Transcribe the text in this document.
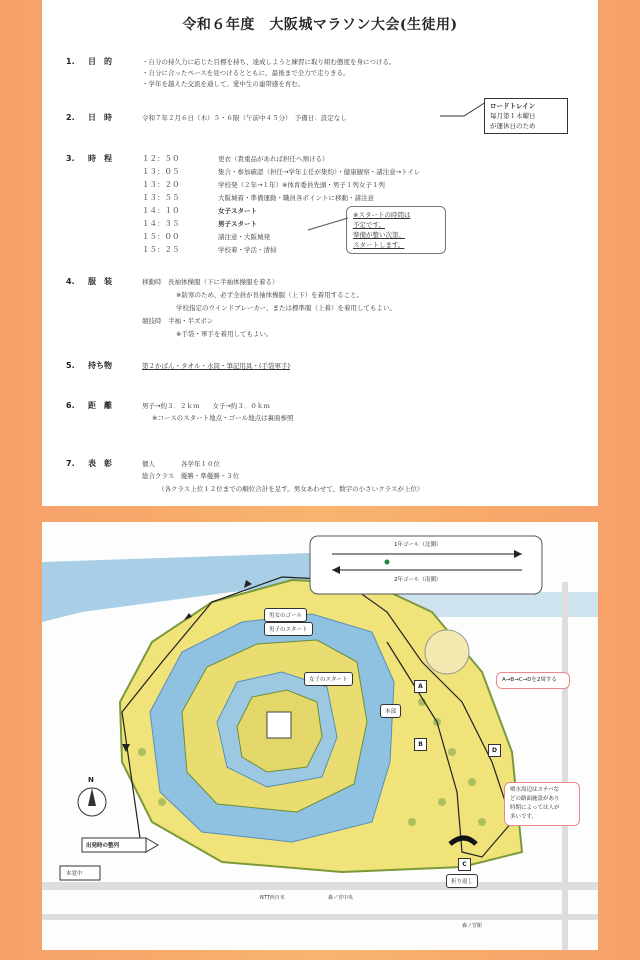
令和６年度　大阪城マラソン大会(生徒用)
1. 目　的	・自分の持久力に応じた目標を持ち、達成しようと練習に取り組む態度を身につける。
・自分に合ったペースを見つけるとともに、最後まで全力で走りきる。
・学年を越えた交流を通して、愛中生の連帯感を育む。
2. 日　時	令和７年２月６日（木）５・６限（午前中４５分）　予備日：設定なし
ロードトレイン
毎月第１木曜日
が運休日のため
3. 時　程	１２：５０	更衣（貴重品があれば担任へ預ける）
１３：０５	集合・参加確認（担任→学年主任が集約）・健康観察・諸注意→トイレ
１３：２０	学校発（２年→１年）※体育委員先頭・男子１列女子１列
１３：５５	大阪城着・準備運動・職員各ポイントに移動・諸注意
１４：１０	女子スタート
１４：３５	男子スタート
１５：００	諸注意・大阪城発
１５：２５	学校着・学活・清掃
※スタートの時間は
予定です。
準備が整い次第、
スタートします。
4. 服　装	移動時　長袖体操服（下に半袖体操服を着る）
※防寒のため、必ず全員が長袖体操服（上下）を着用すること。
学校指定のウインドブレーカー、または標準服（上着）を着用してもよい。
競技時　半袖・半ズボン
※手袋・軍手を着用してもよい。
5. 持ち物	第２かばん・タオル・水筒・筆記用具・(手袋軍手)
6. 距　離	男子→約３．２ｋｍ　　女子→約３．０ｋｍ
※コースのスタート地点・ゴール地点は裏面参照
7. 表　彰	個人　　　　各学年１０位
総合クラス　優勝・準優勝・３位
（各クラス上位１２位までの順位合計を足す。男女あわせて、数字の小さいクラスが上位）
1年ゴール（北側）
2年ゴール（南側）
男女のゴール
男子のスタート
女子のスタート
A
B
C
D
本部
折り返し
出発時の整列
本覚中
N
A→B→C→Dを2周する
噴水周辺はステバな
どの路面施設があり
時期によっては人が
多いです。
NTT西日本	森ノ宮中央
森ノ宮駅
